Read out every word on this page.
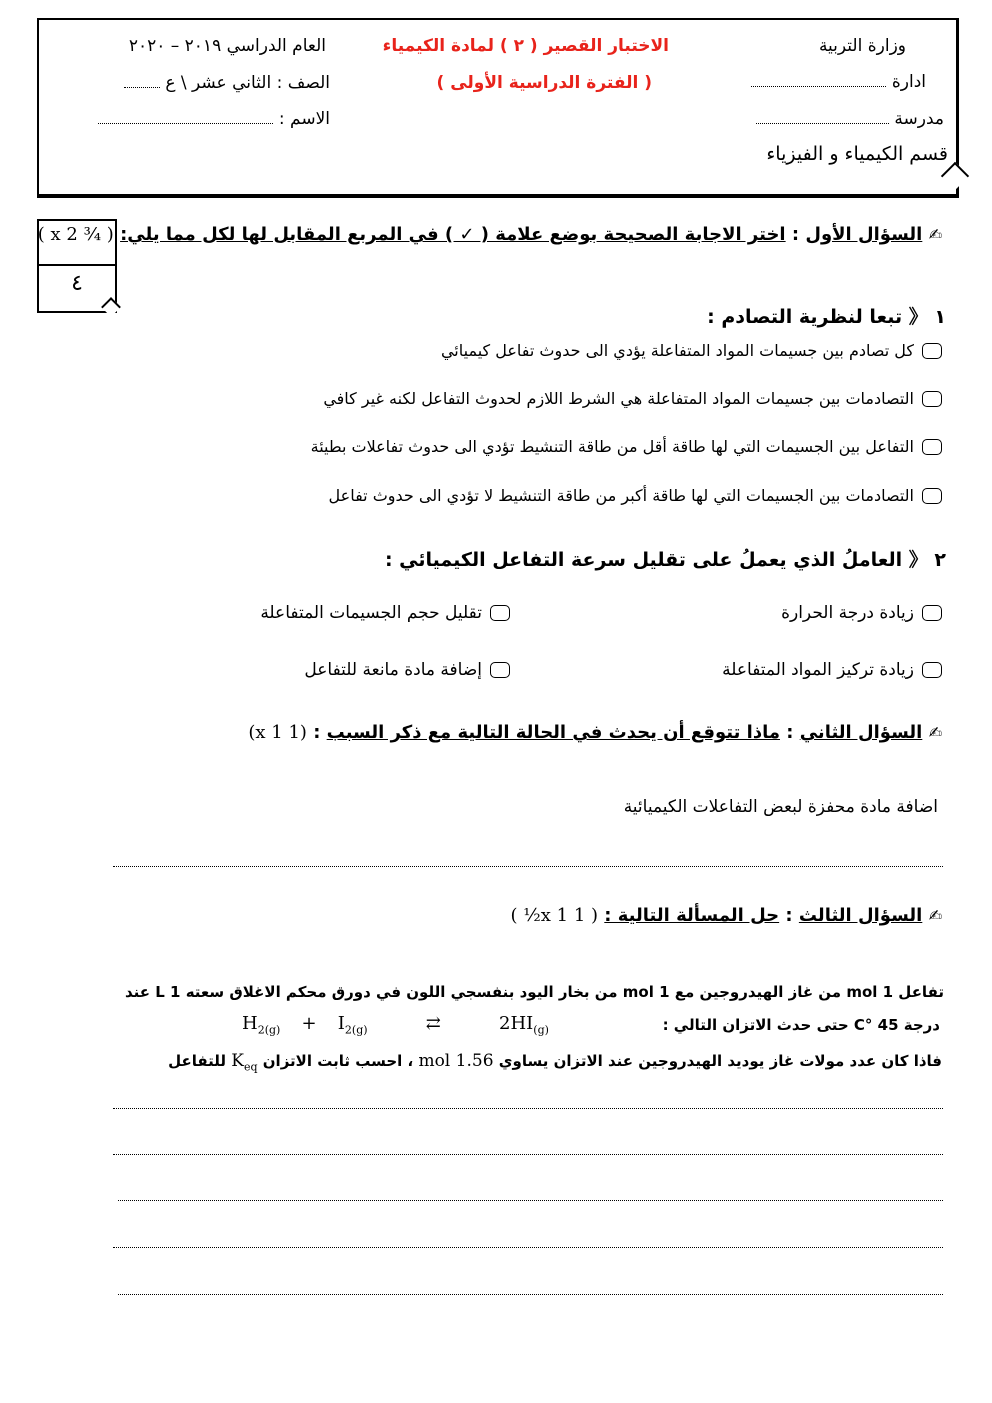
وزارة التربية
ادارة
مدرسة
قسم الكيمياء و الفيزياء
الاختبار القصير ( ٢ ) لمادة الكيمياء
( الفترة الدراسية الأولى )
العام الدراسي ٢٠١٩ – ٢٠٢٠
الصف : الثاني عشر \ ع
الاسم :
٤
✍ السؤال الأول : اختر الاجابة الصحيحة بوضع علامة ( ✓ ) في المربع المقابل لها لكل مما يلي: ( ¾ x 2 )
١ 《 تبعا لنظرية التصادم :
كل تصادم بين جسيمات المواد المتفاعلة يؤدي الى حدوث تفاعل كيميائي
التصادمات بين جسيمات المواد المتفاعلة هي الشرط اللازم لحدوث التفاعل لكنه غير كافي
التفاعل بين الجسيمات التي لها طاقة أقل من طاقة التنشيط تؤدي الى حدوث تفاعلات بطيئة
التصادمات بين الجسيمات التي لها طاقة أكبر من طاقة التنشيط لا تؤدي الى حدوث تفاعل
٢ 《 العاملُ الذي يعملُ على تقليل سرعة التفاعل الكيميائي :
زيادة درجة الحرارة
تقليل حجم الجسيمات المتفاعلة
زيادة تركيز المواد المتفاعلة
إضافة مادة مانعة للتفاعل
✍ السؤال الثاني : ماذا تتوقع أن يحدث في الحالة التالية مع ذكر السبب : (1 x 1)
اضافة مادة محفزة لبعض التفاعلات الكيميائية
✍ السؤال الثالث : حل المسألة التالية : ( 1 x 1½ )
تفاعل 1 mol من غاز الهيدروجين مع 1 mol من بخار اليود بنفسجي اللون في دورق محكم الاغلاق سعته 1 L عند
درجة 45 °C حتى حدث الاتزان التالي :
$H_{2(g)} + I_{2(g)}$	⇄	$2HI_{(g)}$
فاذا كان عدد مولات غاز يوديد الهيدروجين عند الاتزان يساوي 1.56 mol ، احسب ثابت الاتزان $K_{eq}$ للتفاعل
